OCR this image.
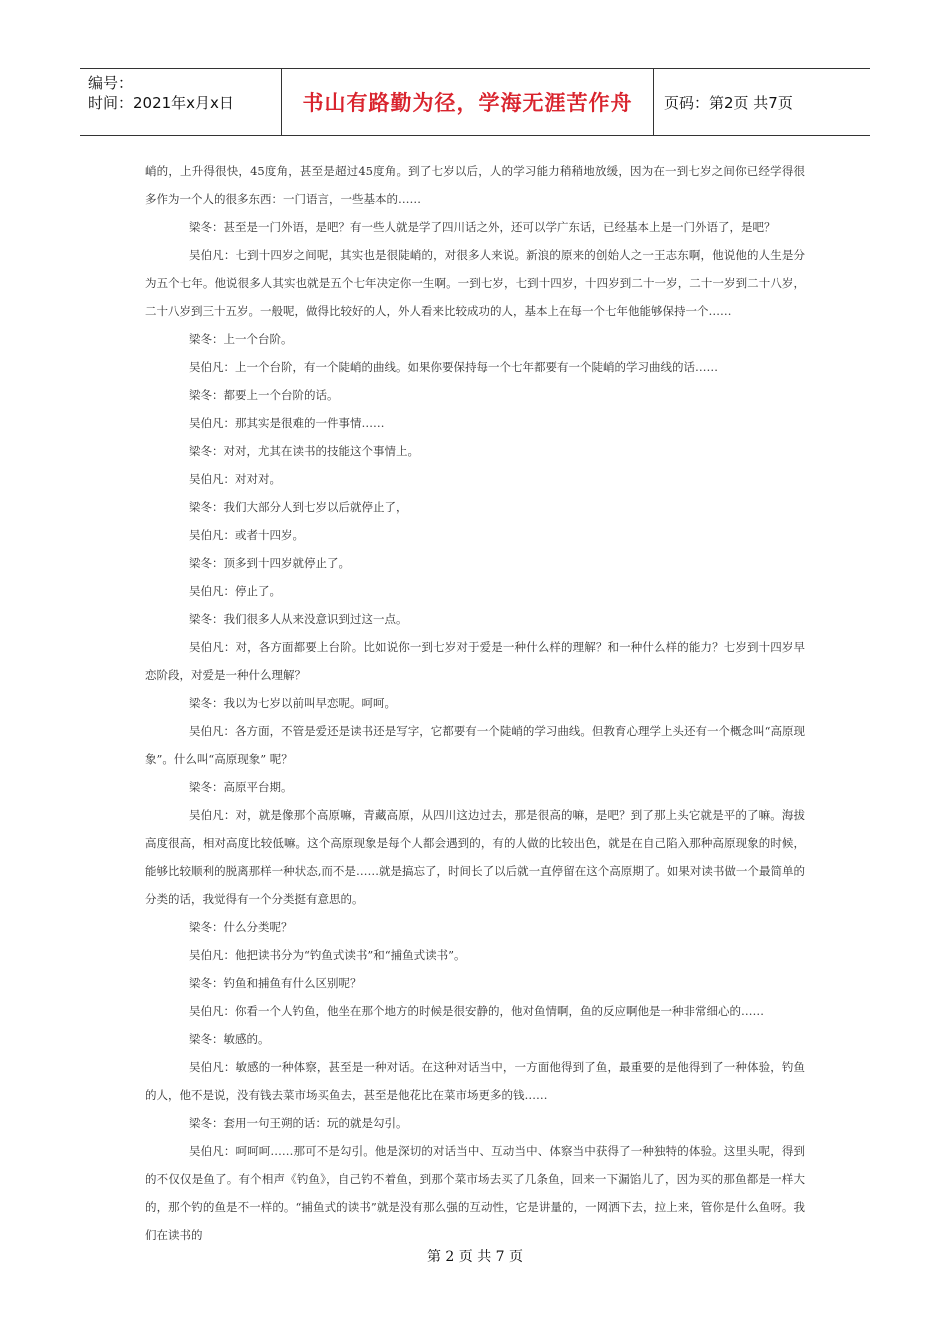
编号：
时间：2021年x月x日	书山有路勤为径，学海无涯苦作舟 页码：第2页 共7页

峭的，上升得很快，45度角，甚至是超过45度角。到了七岁以后，人的学习能力稍稍地放缓，因为在一到七岁之间你已经学得很多作为一个人的很多东西：一门语言，一些基本的……

梁冬：甚至是一门外语，是吧？有一些人就是学了四川话之外，还可以学广东话，已经基本上是一门外语了，是吧？

吴伯凡：七到十四岁之间呢，其实也是很陡峭的，对很多人来说。新浪的原来的创始人之一王志东啊，他说他的人生是分为五个七年。他说很多人其实也就是五个七年决定你一生啊。一到七岁，七到十四岁，十四岁到二十一岁，二十一岁到二十八岁，二十八岁到三十五岁。一般呢，做得比较好的人，外人看来比较成功的人，基本上在每一个七年他能够保持一个……

梁冬：上一个台阶。

吴伯凡：上一个台阶，有一个陡峭的曲线。如果你要保持每一个七年都要有一个陡峭的学习曲线的话……

梁冬：都要上一个台阶的话。

吴伯凡：那其实是很难的一件事情……

梁冬：对对，尤其在读书的技能这个事情上。

吴伯凡：对对对。

梁冬：我们大部分人到七岁以后就停止了，

吴伯凡：或者十四岁。

梁冬：顶多到十四岁就停止了。

吴伯凡：停止了。

梁冬：我们很多人从来没意识到过这一点。

吴伯凡：对，各方面都要上台阶。比如说你一到七岁对于爱是一种什么样的理解？和一种什么样的能力？七岁到十四岁早恋阶段，对爱是一种什么理解？

梁冬：我以为七岁以前叫早恋呢。呵呵。

吴伯凡：各方面，不管是爱还是读书还是写字，它都要有一个陡峭的学习曲线。但教育心理学上头还有一个概念叫“高原现象”。什么叫“高原现象” 呢？

梁冬：高原平台期。

吴伯凡：对，就是像那个高原嘛，青藏高原，从四川这边过去，那是很高的嘛，是吧？到了那上头它就是平的了嘛。海拔高度很高，相对高度比较低嘛。这个高原现象是每个人都会遇到的，有的人做的比较出色，就是在自己陷入那种高原现象的时候，能够比较顺利的脱离那样一种状态,而不是……就是搞忘了，时间长了以后就一直停留在这个高原期了。如果对读书做一个最简单的分类的话，我觉得有一个分类挺有意思的。

梁冬：什么分类呢？

吴伯凡：他把读书分为“钓鱼式读书”和“捕鱼式读书”。

梁冬：钓鱼和捕鱼有什么区别呢？

吴伯凡：你看一个人钓鱼，他坐在那个地方的时候是很安静的，他对鱼情啊，鱼的反应啊他是一种非常细心的……

梁冬：敏感的。

吴伯凡：敏感的一种体察，甚至是一种对话。在这种对话当中，一方面他得到了鱼，最重要的是他得到了一种体验，钓鱼的人，他不是说，没有钱去菜市场买鱼去，甚至是他花比在菜市场更多的钱……

梁冬：套用一句王朔的话：玩的就是勾引。

吴伯凡：呵呵呵……那可不是勾引。他是深切的对话当中、互动当中、体察当中获得了一种独特的体验。这里头呢，得到的不仅仅是鱼了。有个相声《钓鱼》，自己钓不着鱼，到那个菜市场去买了几条鱼，回来一下漏馅儿了，因为买的那鱼都是一样大的，那个钓的鱼是不一样的。“捕鱼式的读书”就是没有那么强的互动性，它是讲量的，一网洒下去，拉上来，管你是什么鱼呀。我们在读书的

第 2 页 共 7 页
